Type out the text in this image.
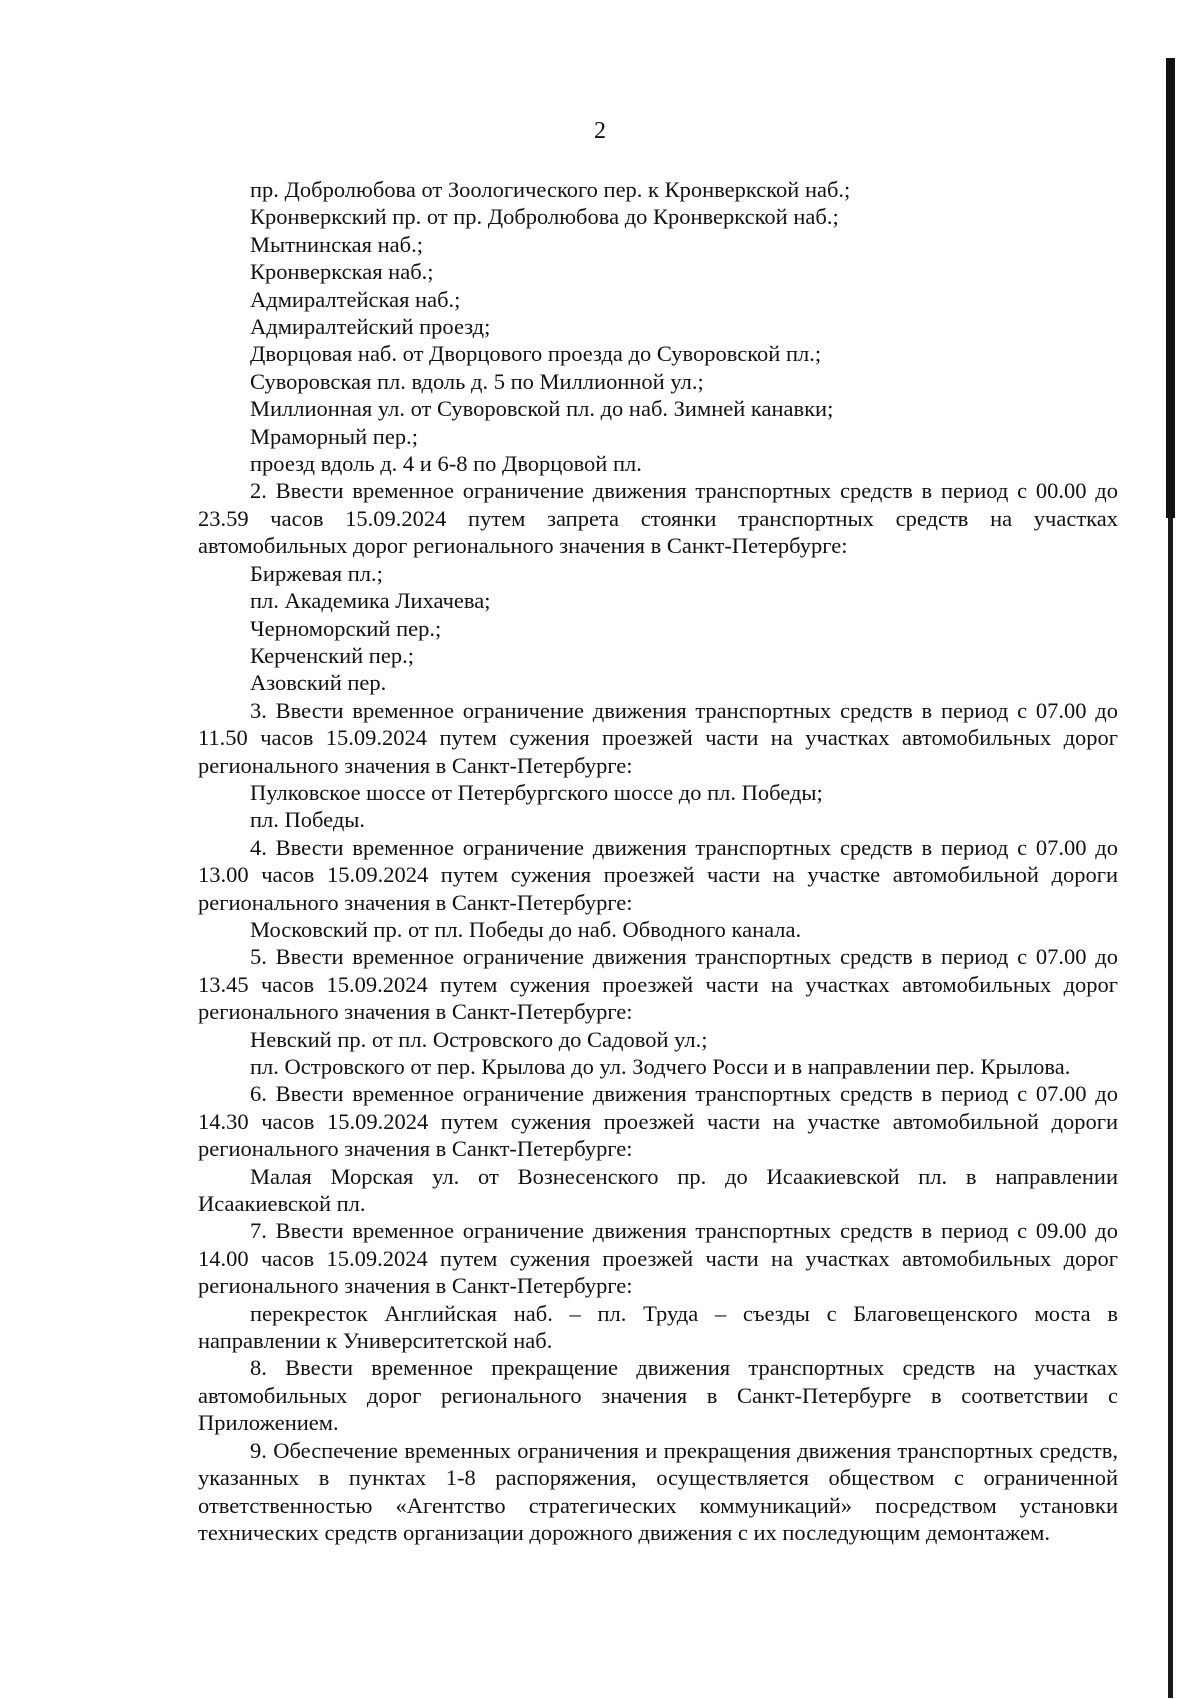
2

пр. Добролюбова от Зоологического пер. к Кронверкской наб.;

Кронверкский пр. от пр. Добролюбова до Кронверкской наб.;

Мытнинская наб.;

Кронверкская наб.;

Адмиралтейская наб.;

Адмиралтейский проезд;

Дворцовая наб. от Дворцового проезда до Суворовской пл.;

Суворовская пл. вдоль д. 5 по Миллионной ул.;

Миллионная ул. от Суворовской пл. до наб. Зимней канавки;

Мраморный пер.;

проезд вдоль д. 4 и 6-8 по Дворцовой пл.

2. Ввести временное ограничение движения транспортных средств в период с 00.00 до 23.59 часов 15.09.2024 путем запрета стоянки транспортных средств на участках автомобильных дорог регионального значения в Санкт-Петербурге:

Биржевая пл.;

пл. Академика Лихачева;

Черноморский пер.;

Керченский пер.;

Азовский пер.

3. Ввести временное ограничение движения транспортных средств в период с 07.00 до 11.50 часов 15.09.2024 путем сужения проезжей части на участках автомобильных дорог регионального значения в Санкт-Петербурге:

Пулковское шоссе от Петербургского шоссе до пл. Победы;

пл. Победы.

4. Ввести временное ограничение движения транспортных средств в период с 07.00 до 13.00 часов 15.09.2024 путем сужения проезжей части на участке автомобильной дороги регионального значения в Санкт-Петербурге:

Московский пр. от пл. Победы до наб. Обводного канала.

5. Ввести временное ограничение движения транспортных средств в период с 07.00 до 13.45 часов 15.09.2024 путем сужения проезжей части на участках автомобильных дорог регионального значения в Санкт-Петербурге:

Невский пр. от пл. Островского до Садовой ул.;

пл. Островского от пер. Крылова до ул. Зодчего Росси и в направлении пер. Крылова.

6. Ввести временное ограничение движения транспортных средств в период с 07.00 до 14.30 часов 15.09.2024 путем сужения проезжей части на участке автомобильной дороги регионального значения в Санкт-Петербурге:

Малая Морская ул. от Вознесенского пр. до Исаакиевской пл. в направлении Исаакиевской пл.

7. Ввести временное ограничение движения транспортных средств в период с 09.00 до 14.00 часов 15.09.2024 путем сужения проезжей части на участках автомобильных дорог регионального значения в Санкт-Петербурге:

перекресток Английская наб. – пл. Труда – съезды с Благовещенского моста в направлении к Университетской наб.

8. Ввести временное прекращение движения транспортных средств на участках автомобильных дорог регионального значения в Санкт-Петербурге в соответствии с Приложением.

9. Обеспечение временных ограничения и прекращения движения транспортных средств, указанных в пунктах 1-8 распоряжения, осуществляется обществом с ограниченной ответственностью «Агентство стратегических коммуникаций» посредством установки технических средств организации дорожного движения с их последующим демонтажем.
